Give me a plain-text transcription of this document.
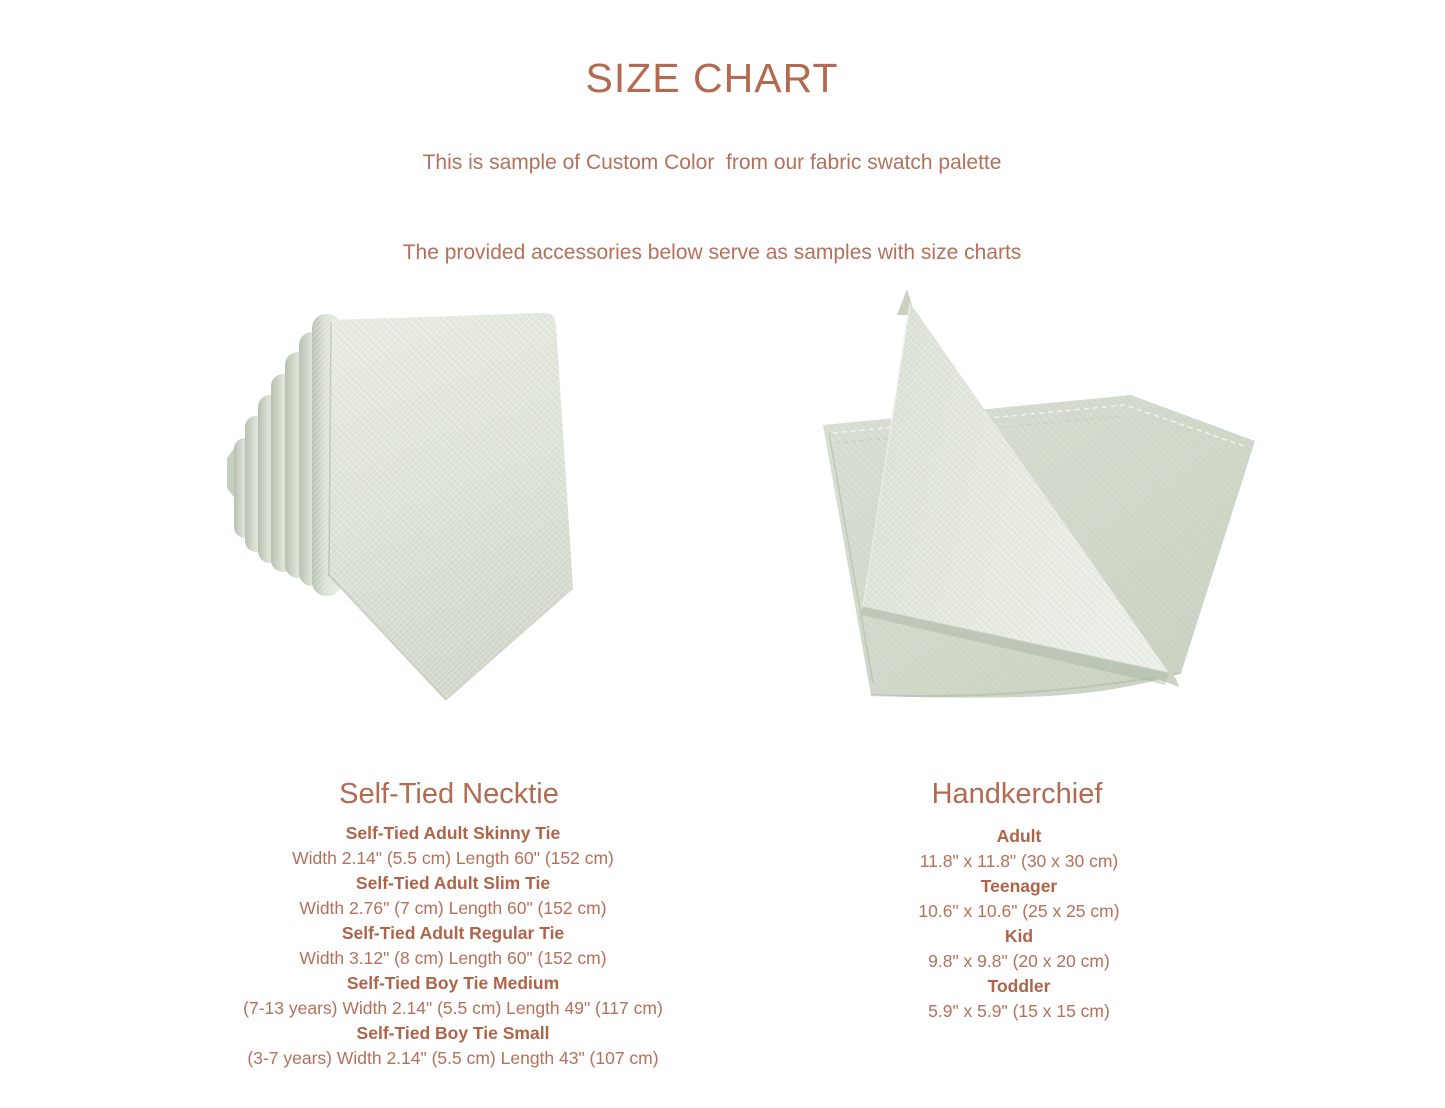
SIZE CHART

This is sample of Custom Color  from our fabric swatch palette

The provided accessories below serve as samples with size charts

Self-Tied Necktie
Self-Tied Adult Skinny Tie
Width 2.14" (5.5 cm) Length 60" (152 cm)
Self-Tied Adult Slim Tie
Width 2.76" (7 cm) Length 60" (152 cm)
Self-Tied Adult Regular Tie
Width 3.12" (8 cm) Length 60" (152 cm)
Self-Tied Boy Tie Medium
(7-13 years) Width 2.14" (5.5 cm) Length 49" (117 cm)
Self-Tied Boy Tie Small
(3-7 years) Width 2.14" (5.5 cm) Length 43" (107 cm)
Handkerchief
Adult
11.8" x 11.8" (30 x 30 cm)
Teenager
10.6" x 10.6" (25 x 25 cm)
Kid
9.8" x 9.8" (20 x 20 cm)
Toddler
5.9" x 5.9" (15 x 15 cm)
